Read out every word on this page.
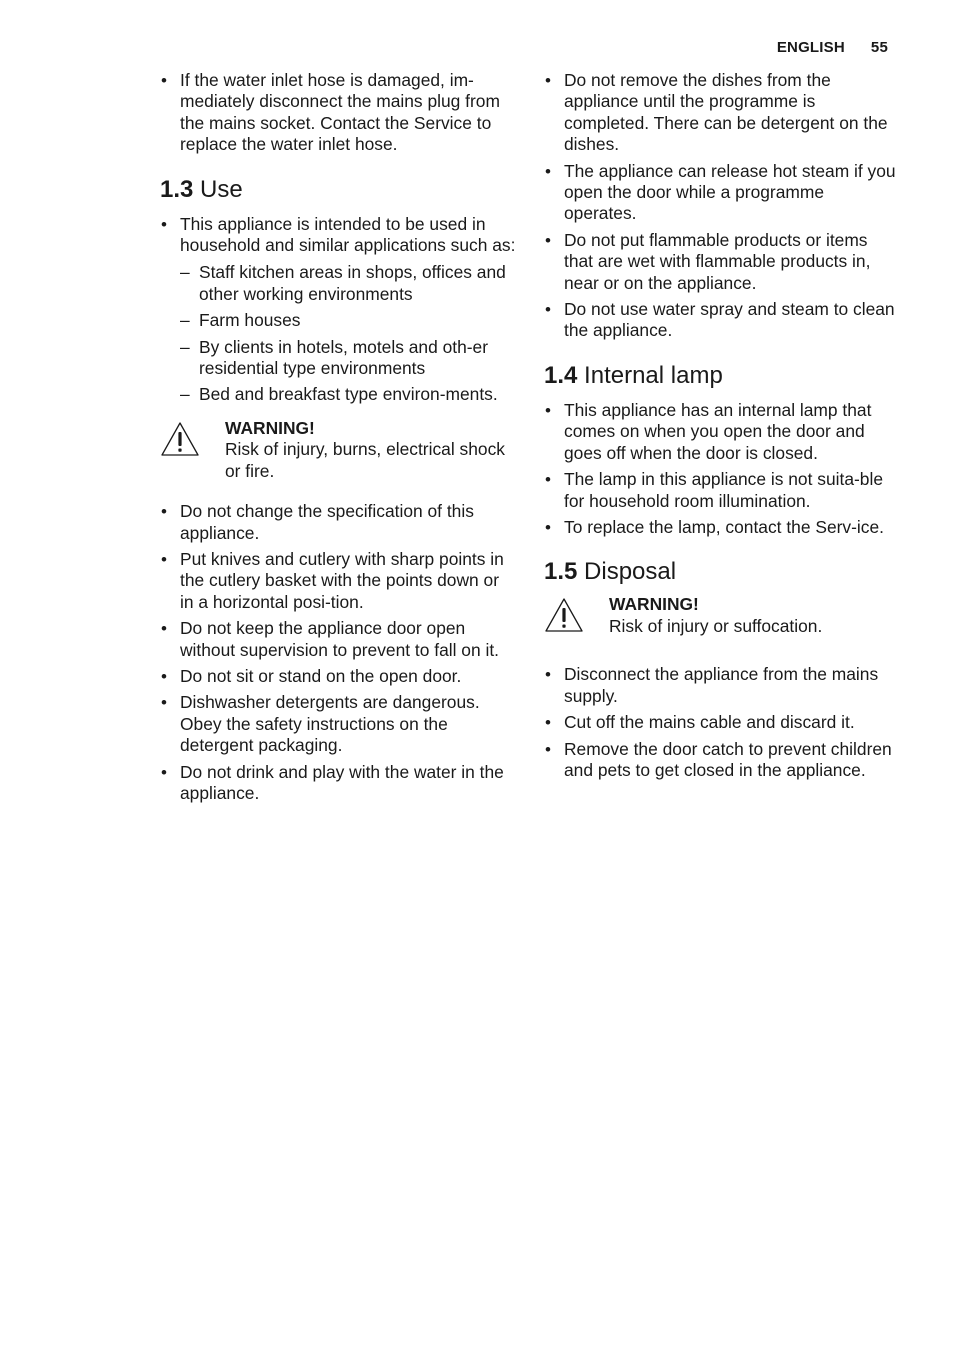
ENGLISH 55
• If the water inlet hose is damaged, im-mediately disconnect the mains plug from the mains socket. Contact the Service to replace the water inlet hose.
1.3 Use
• This appliance is intended to be used in household and similar applications such as:
– Staff kitchen areas in shops, offices and other working environments
– Farm houses
– By clients in hotels, motels and oth-er residential type environments
– Bed and breakfast type environ-ments.
WARNING!
Risk of injury, burns, electrical shock or fire.
• Do not change the specification of this appliance.
• Put knives and cutlery with sharp points in the cutlery basket with the points down or in a horizontal posi-tion.
• Do not keep the appliance door open without supervision to prevent to fall on it.
• Do not sit or stand on the open door.
• Dishwasher detergents are dangerous. Obey the safety instructions on the detergent packaging.
• Do not drink and play with the water in the appliance.
• Do not remove the dishes from the appliance until the programme is completed. There can be detergent on the dishes.
• The appliance can release hot steam if you open the door while a programme operates.
• Do not put flammable products or items that are wet with flammable products in, near or on the appliance.
• Do not use water spray and steam to clean the appliance.
1.4 Internal lamp
• This appliance has an internal lamp that comes on when you open the door and goes off when the door is closed.
• The lamp in this appliance is not suita-ble for household room illumination.
• To replace the lamp, contact the Serv-ice.
1.5 Disposal
WARNING!
Risk of injury or suffocation.
• Disconnect the appliance from the mains supply.
• Cut off the mains cable and discard it.
• Remove the door catch to prevent children and pets to get closed in the appliance.
